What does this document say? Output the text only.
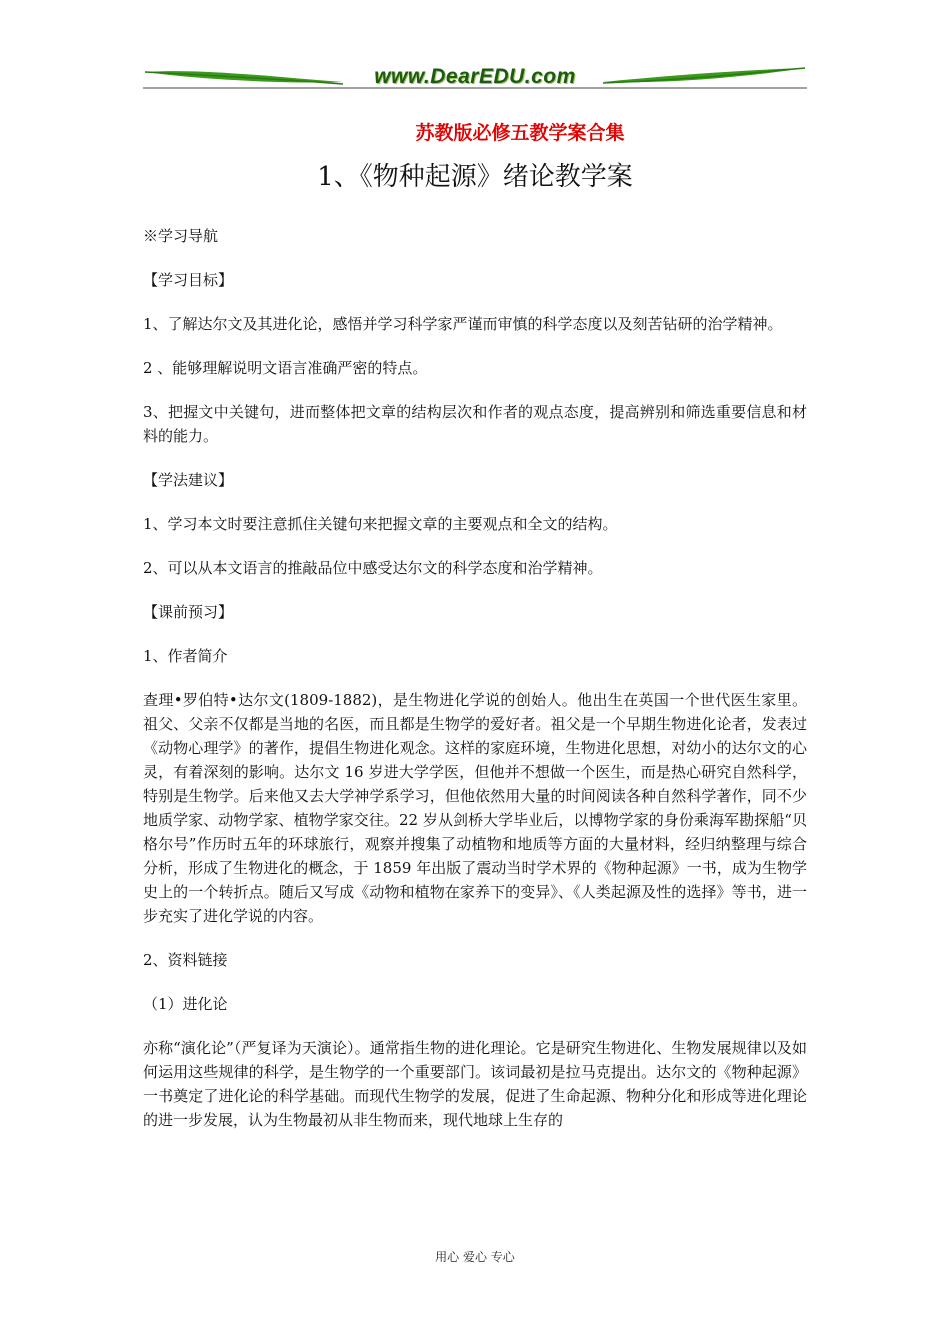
www.DearEDU.com
苏教版必修五教学案合集
1、《物种起源》绪论教学案

※学习导航

【学习目标】

1、了解达尔文及其进化论，感悟并学习科学家严谨而审慎的科学态度以及刻苦钻研的治学精神。

2 、能够理解说明文语言准确严密的特点。

3、把握文中关键句，进而整体把文章的结构层次和作者的观点态度，提高辨别和筛选重要信息和材料的能力。

【学法建议】

1、学习本文时要注意抓住关键句来把握文章的主要观点和全文的结构。

2、可以从本文语言的推敲品位中感受达尔文的科学态度和治学精神。

【课前预习】

1、作者简介

查理•罗伯特•达尔文(1809-1882)，是生物进化学说的创始人。他出生在英国一个世代医生家里。祖父、父亲不仅都是当地的名医，而且都是生物学的爱好者。祖父是一个早期生物进化论者，发表过《动物心理学》的著作，提倡生物进化观念。这样的家庭环境，生物进化思想，对幼小的达尔文的心灵，有着深刻的影响。达尔文 16 岁进大学学医，但他并不想做一个医生，而是热心研究自然科学，特别是生物学。后来他又去大学神学系学习，但他依然用大量的时间阅读各种自然科学著作，同不少地质学家、动物学家、植物学家交往。22 岁从剑桥大学毕业后，以博物学家的身份乘海军勘探船“贝格尔号”作历时五年的环球旅行，观察并搜集了动植物和地质等方面的大量材料，经归纳整理与综合分析，形成了生物进化的概念，于 1859 年出版了震动当时学术界的《物种起源》一书，成为生物学史上的一个转折点。随后又写成《动物和植物在家养下的变异》、《人类起源及性的选择》等书，进一步充实了进化学说的内容。

2、资料链接

（1）进化论

亦称“演化论”（严复译为天演论）。通常指生物的进化理论。它是研究生物进化、生物发展规律以及如何运用这些规律的科学，是生物学的一个重要部门。该词最初是拉马克提出。达尔文的《物种起源》一书奠定了进化论的科学基础。而现代生物学的发展，促进了生命起源、物种分化和形成等进化理论的进一步发展，认为生物最初从非生物而来，现代地球上生存的

用心 爱心 专心
